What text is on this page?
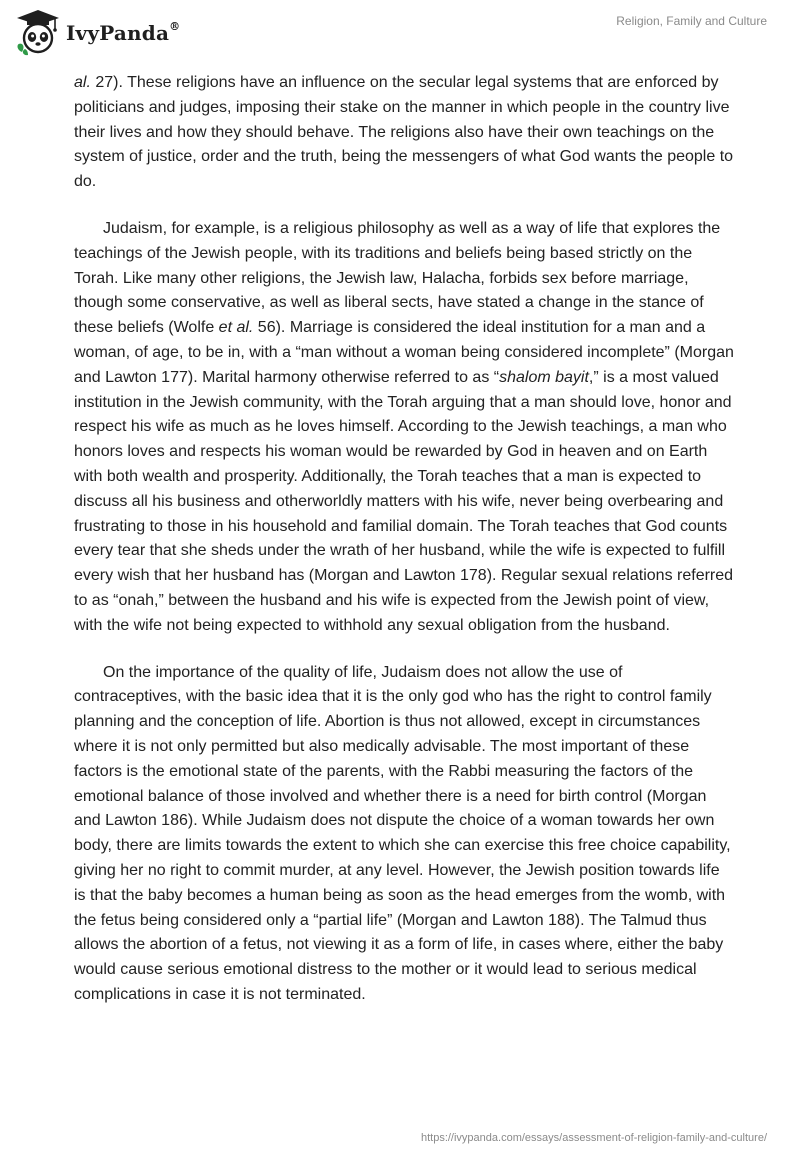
IvyPanda®	Religion, Family and Culture

al. 27). These religions have an influence on the secular legal systems that are enforced by politicians and judges, imposing their stake on the manner in which people in the country live their lives and how they should behave. The religions also have their own teachings on the system of justice, order and the truth, being the messengers of what God wants the people to do.

Judaism, for example, is a religious philosophy as well as a way of life that explores the teachings of the Jewish people, with its traditions and beliefs being based strictly on the Torah. Like many other religions, the Jewish law, Halacha, forbids sex before marriage, though some conservative, as well as liberal sects, have stated a change in the stance of these beliefs (Wolfe et al. 56). Marriage is considered the ideal institution for a man and a woman, of age, to be in, with a “man without a woman being considered incomplete” (Morgan and Lawton 177). Marital harmony otherwise referred to as “shalom bayit,” is a most valued institution in the Jewish community, with the Torah arguing that a man should love, honor and respect his wife as much as he loves himself. According to the Jewish teachings, a man who honors loves and respects his woman would be rewarded by God in heaven and on Earth with both wealth and prosperity. Additionally, the Torah teaches that a man is expected to discuss all his business and otherworldly matters with his wife, never being overbearing and frustrating to those in his household and familial domain. The Torah teaches that God counts every tear that she sheds under the wrath of her husband, while the wife is expected to fulfill every wish that her husband has (Morgan and Lawton 178). Regular sexual relations referred to as “onah,” between the husband and his wife is expected from the Jewish point of view, with the wife not being expected to withhold any sexual obligation from the husband.

On the importance of the quality of life, Judaism does not allow the use of contraceptives, with the basic idea that it is the only god who has the right to control family planning and the conception of life. Abortion is thus not allowed, except in circumstances where it is not only permitted but also medically advisable. The most important of these factors is the emotional state of the parents, with the Rabbi measuring the factors of the emotional balance of those involved and whether there is a need for birth control (Morgan and Lawton 186). While Judaism does not dispute the choice of a woman towards her own body, there are limits towards the extent to which she can exercise this free choice capability, giving her no right to commit murder, at any level. However, the Jewish position towards life is that the baby becomes a human being as soon as the head emerges from the womb, with the fetus being considered only a “partial life” (Morgan and Lawton 188). The Talmud thus allows the abortion of a fetus, not viewing it as a form of life, in cases where, either the baby would cause serious emotional distress to the mother or it would lead to serious medical complications in case it is not terminated.

https://ivypanda.com/essays/assessment-of-religion-family-and-culture/
